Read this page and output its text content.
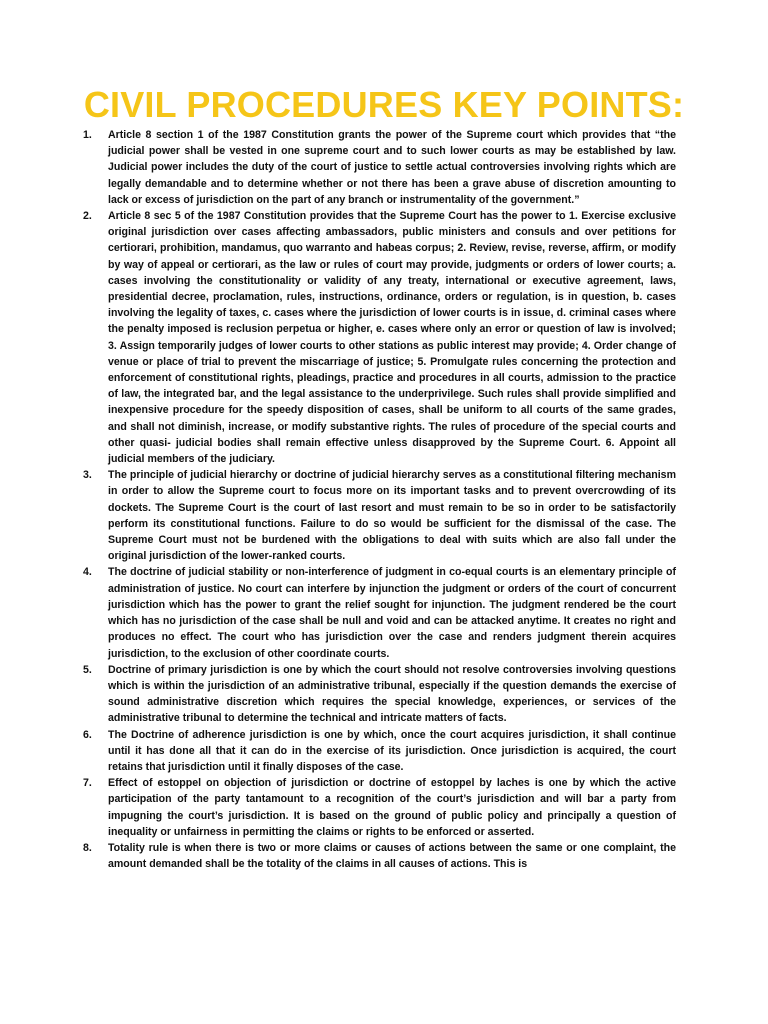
CIVIL PROCEDURES KEY POINTS:
1. Article 8 section 1 of the 1987 Constitution grants the power of the Supreme court which provides that “the judicial power shall be vested in one supreme court and to such lower courts as may be established by law. Judicial power includes the duty of the court of justice to settle actual controversies involving rights which are legally demandable and to determine whether or not there has been a grave abuse of discretion amounting to lack or excess of jurisdiction on the part of any branch or instrumentality of the government.”
2. Article 8 sec 5 of the 1987 Constitution provides that the Supreme Court has the power to 1. Exercise exclusive original jurisdiction over cases affecting ambassadors, public ministers and consuls and over petitions for certiorari, prohibition, mandamus, quo warranto and habeas corpus; 2. Review, revise, reverse, affirm, or modify by way of appeal or certiorari, as the law or rules of court may provide, judgments or orders of lower courts; a. cases involving the constitutionality or validity of any treaty, international or executive agreement, laws, presidential decree, proclamation, rules, instructions, ordinance, orders or regulation, is in question, b. cases involving the legality of taxes, c. cases where the jurisdiction of lower courts is in issue, d. criminal cases where the penalty imposed is reclusion perpetua or higher, e. cases where only an error or question of law is involved; 3. Assign temporarily judges of lower courts to other stations as public interest may provide; 4. Order change of venue or place of trial to prevent the miscarriage of justice; 5. Promulgate rules concerning the protection and enforcement of constitutional rights, pleadings, practice and procedures in all courts, admission to the practice of law, the integrated bar, and the legal assistance to the underprivilege. Such rules shall provide simplified and inexpensive procedure for the speedy disposition of cases, shall be uniform to all courts of the same grades, and shall not diminish, increase, or modify substantive rights. The rules of procedure of the special courts and other quasi- judicial bodies shall remain effective unless disapproved by the Supreme Court. 6. Appoint all judicial members of the judiciary.
3. The principle of judicial hierarchy or doctrine of judicial hierarchy serves as a constitutional filtering mechanism in order to allow the Supreme court to focus more on its important tasks and to prevent overcrowding of its dockets. The Supreme Court is the court of last resort and must remain to be so in order to be satisfactorily perform its constitutional functions. Failure to do so would be sufficient for the dismissal of the case. The Supreme Court must not be burdened with the obligations to deal with suits which are also fall under the original jurisdiction of the lower-ranked courts.
4. The doctrine of judicial stability or non-interference of judgment in co-equal courts is an elementary principle of administration of justice. No court can interfere by injunction the judgment or orders of the court of concurrent jurisdiction which has the power to grant the relief sought for injunction. The judgment rendered be the court which has no jurisdiction of the case shall be null and void and can be attacked anytime. It creates no right and produces no effect. The court who has jurisdiction over the case and renders judgment therein acquires jurisdiction, to the exclusion of other coordinate courts.
5. Doctrine of primary jurisdiction is one by which the court should not resolve controversies involving questions which is within the jurisdiction of an administrative tribunal, especially if the question demands the exercise of sound administrative discretion which requires the special knowledge, experiences, or services of the administrative tribunal to determine the technical and intricate matters of facts.
6. The Doctrine of adherence jurisdiction is one by which, once the court acquires jurisdiction, it shall continue until it has done all that it can do in the exercise of its jurisdiction. Once jurisdiction is acquired, the court retains that jurisdiction until it finally disposes of the case.
7. Effect of estoppel on objection of jurisdiction or doctrine of estoppel by laches is one by which the active participation of the party tantamount to a recognition of the court’s jurisdiction and will bar a party from impugning the court’s jurisdiction. It is based on the ground of public policy and principally a question of inequality or unfairness in permitting the claims or rights to be enforced or asserted.
8. Totality rule is when there is two or more claims or causes of actions between the same or one complaint, the amount demanded shall be the totality of the claims in all causes of actions. This is
